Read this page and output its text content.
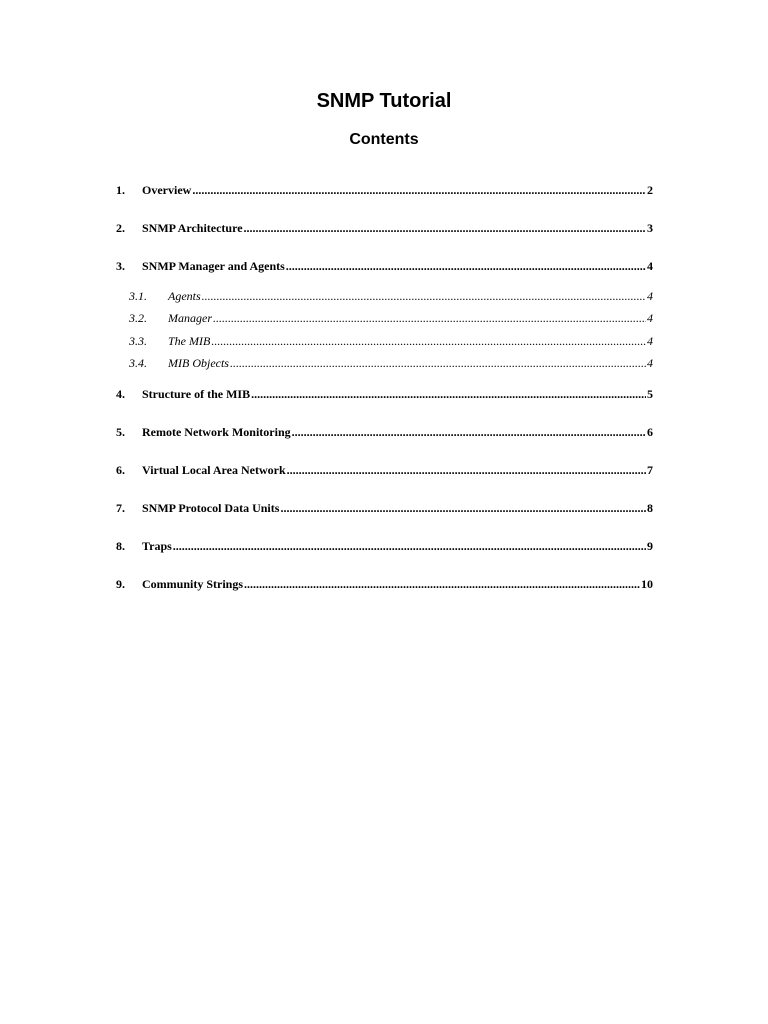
SNMP Tutorial
Contents
1.	Overview .....	2
2.	SNMP Architecture .....	3
3.	SNMP Manager and Agents .....	4
3.1.	Agents .....	4
3.2.	Manager .....	4
3.3.	The MIB .....	4
3.4.	MIB Objects .....	4
4.	Structure of the MIB .....	5
5.	Remote Network Monitoring .....	6
6.	Virtual Local Area Network .....	7
7.	SNMP Protocol Data Units .....	8
8.	Traps .....	9
9.	Community Strings .....	10
